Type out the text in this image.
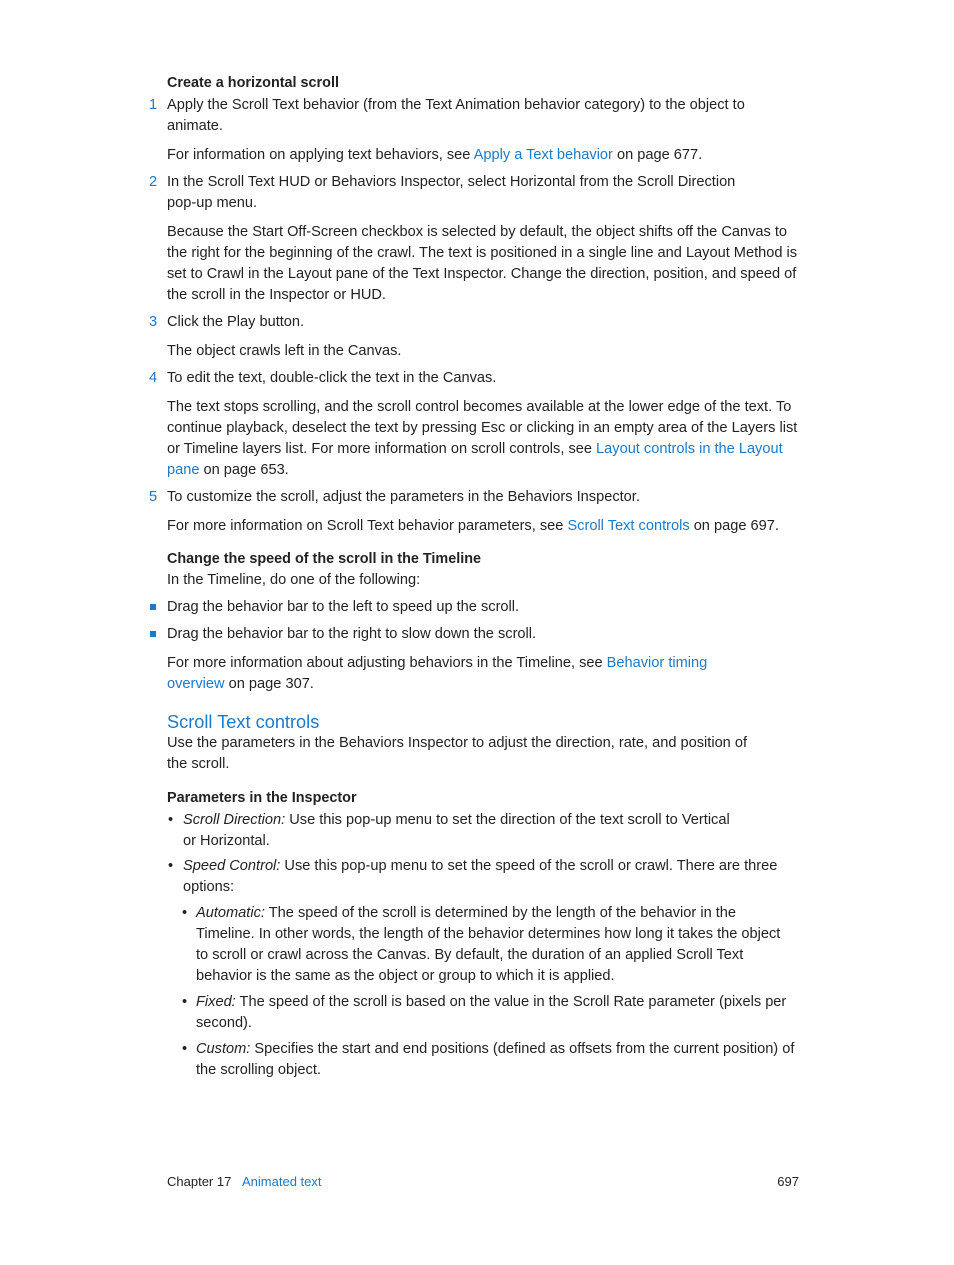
Create a horizontal scroll

1 Apply the Scroll Text behavior (from the Text Animation behavior category) to the object to animate.

For information on applying text behaviors, see Apply a Text behavior on page 677.

2 In the Scroll Text HUD or Behaviors Inspector, select Horizontal from the Scroll Direction pop-up menu.

Because the Start Off-Screen checkbox is selected by default, the object shifts off the Canvas to the right for the beginning of the crawl. The text is positioned in a single line and Layout Method is set to Crawl in the Layout pane of the Text Inspector. Change the direction, position, and speed of the scroll in the Inspector or HUD.

3 Click the Play button.

The object crawls left in the Canvas.

4 To edit the text, double-click the text in the Canvas.

The text stops scrolling, and the scroll control becomes available at the lower edge of the text. To continue playback, deselect the text by pressing Esc or clicking in an empty area of the Layers list or Timeline layers list. For more information on scroll controls, see Layout controls in the Layout pane on page 653.

5 To customize the scroll, adjust the parameters in the Behaviors Inspector.

For more information on Scroll Text behavior parameters, see Scroll Text controls on page 697.

Change the speed of the scroll in the Timeline

In the Timeline, do one of the following:

Drag the behavior bar to the left to speed up the scroll.

Drag the behavior bar to the right to slow down the scroll.

For more information about adjusting behaviors in the Timeline, see Behavior timing overview on page 307.

Scroll Text controls

Use the parameters in the Behaviors Inspector to adjust the direction, rate, and position of the scroll.

Parameters in the Inspector

• Scroll Direction: Use this pop-up menu to set the direction of the text scroll to Vertical or Horizontal.
• Speed Control: Use this pop-up menu to set the speed of the scroll or crawl. There are three options:
• Automatic: The speed of the scroll is determined by the length of the behavior in the Timeline. In other words, the length of the behavior determines how long it takes the object to scroll or crawl across the Canvas. By default, the duration of an applied Scroll Text behavior is the same as the object or group to which it is applied.
• Fixed: The speed of the scroll is based on the value in the Scroll Rate parameter (pixels per second).
• Custom: Specifies the start and end positions (defined as offsets from the current position) of the scrolling object.
Chapter 17 Animated text	697
